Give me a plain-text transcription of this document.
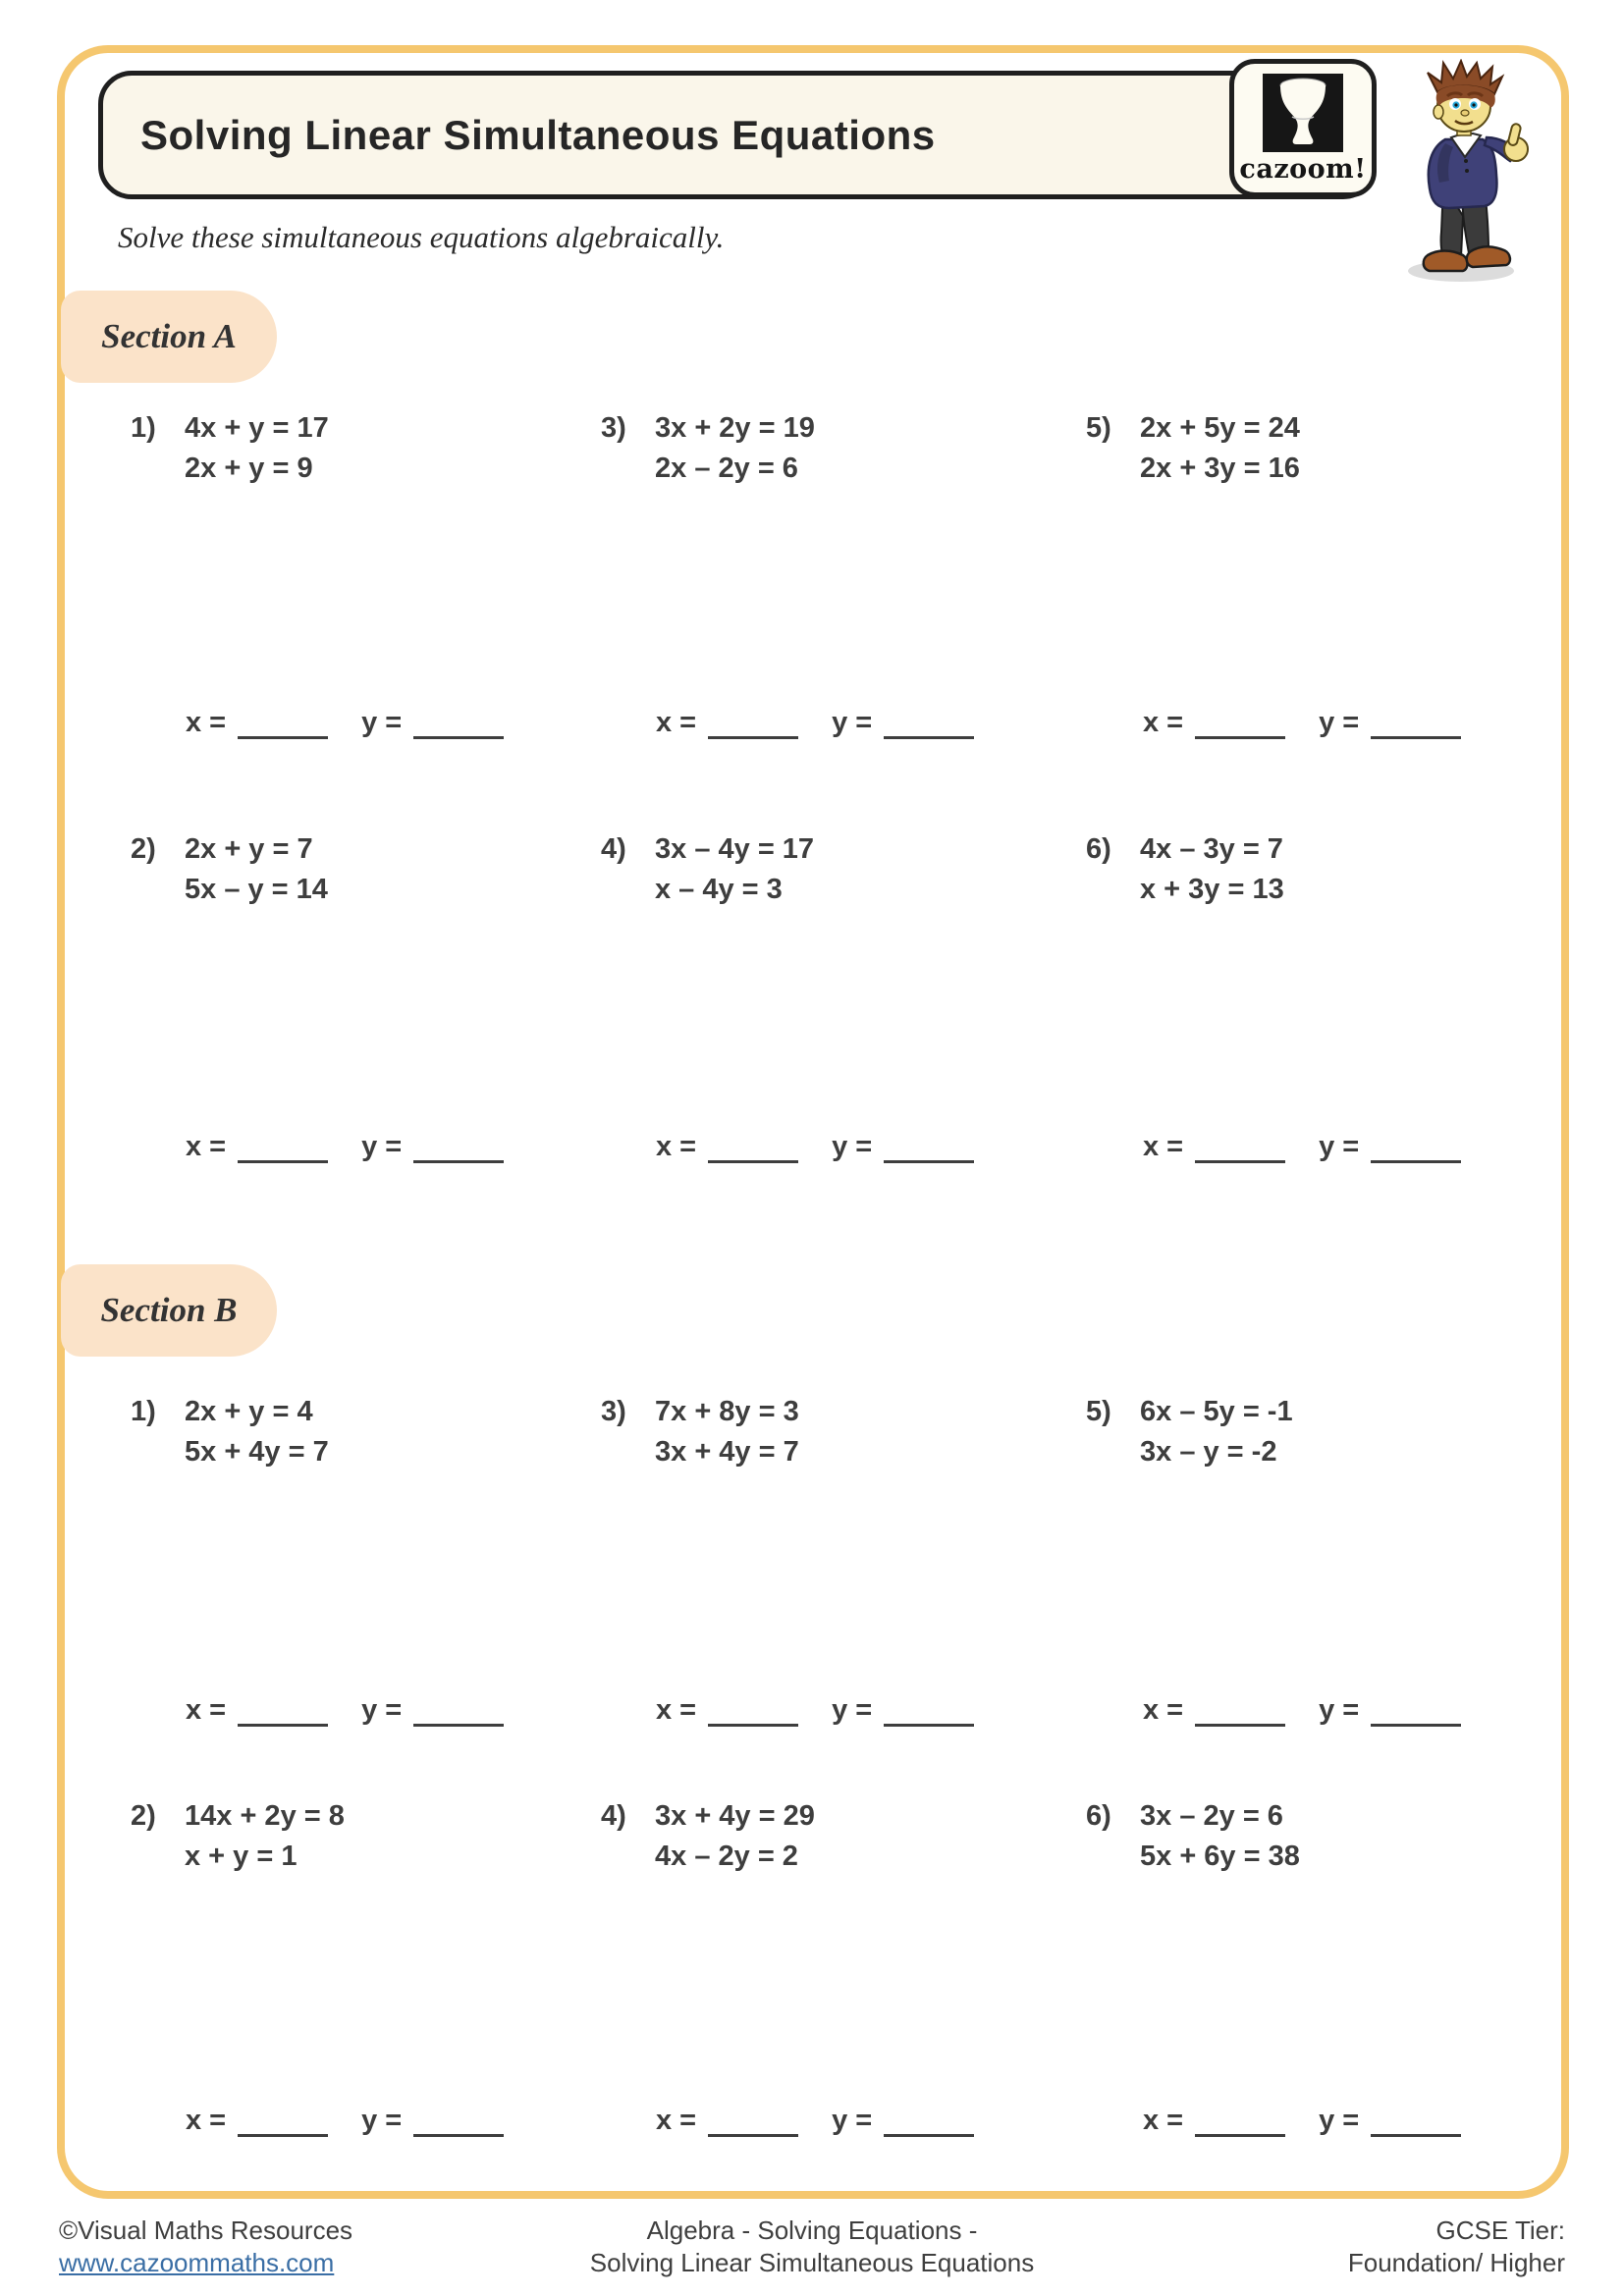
Solving Linear Simultaneous Equations
cazoom!
Solve these simultaneous equations algebraically.
Section A
1)	4x + y = 17
2x + y = 9
3)	3x + 2y = 19
2x – 2y = 6
5)	2x + 5y = 24
2x + 3y = 16
x =	y =	x =	y =	x =	y =
2)	2x + y = 7
5x – y = 14
4)	3x – 4y = 17
x – 4y = 3
6)	4x – 3y = 7
x + 3y = 13
x =	y =	x =	y =	x =	y =
Section B
1)	2x + y = 4
5x + 4y = 7
3)	7x + 8y = 3
3x + 4y = 7
5)	6x – 5y = -1
3x – y = -2
x =	y =	x =	y =	x =	y =
2)	14x + 2y = 8
x + y = 1
4)	3x + 4y = 29
4x – 2y = 2
6)	3x – 2y = 6
5x + 6y = 38
x =	y =	x =	y =	x =	y =
©Visual Maths Resources
www.cazoommaths.com
Algebra - Solving Equations -
Solving Linear Simultaneous Equations
GCSE Tier:
Foundation/ Higher
